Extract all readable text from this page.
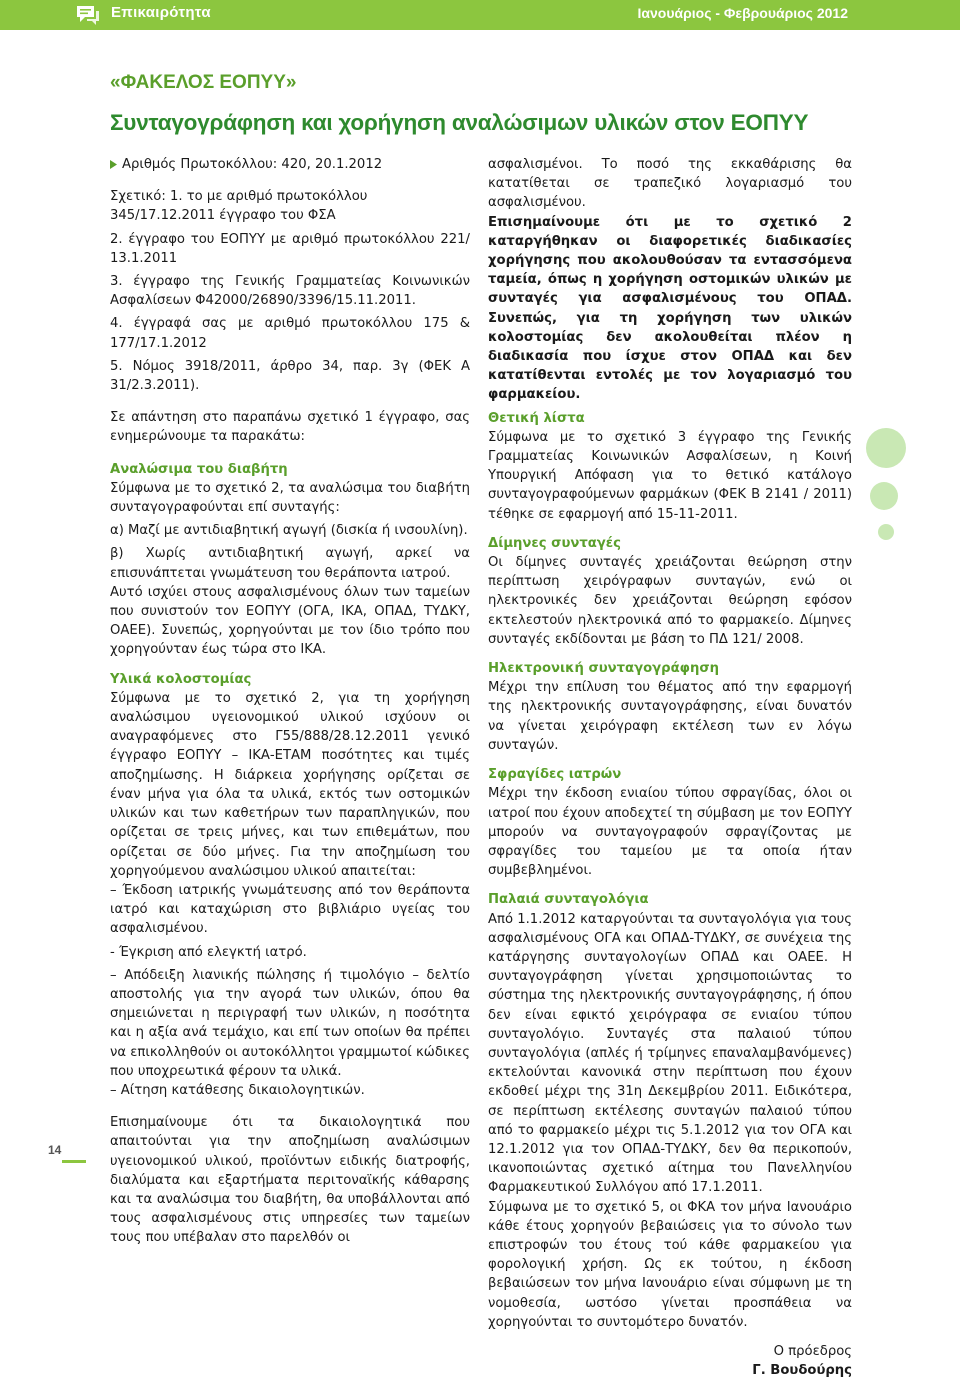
Επικαιρότητα	Ιανουάριος - Φεβρουάριος 2012
«ΦΑΚΕΛΟΣ ΕΟΠΥΥ»
Συνταγογράφηση και χορήγηση αναλώσιμων υλικών στον ΕΟΠΥΥ

Αριθμός Πρωτοκόλλου: 420, 20.1.2012

Σχετικό: 1. το με αριθμό πρωτοκόλλου 345/17.12.2011 έγγραφο του ΦΣΑ

2. έγγραφο του ΕΟΠΥΥ με αριθμό πρωτοκόλλου 221/ 13.1.2011

3. έγγραφο της Γενικής Γραμματείας Κοινωνικών Ασφαλίσεων Φ42000/26890/3396/15.11.2011.

4. έγγραφά σας με αριθμό πρωτοκόλλου 175 & 177/17.1.2012

5. Νόμος 3918/2011, άρθρο 34, παρ. 3γ (ΦΕΚ Α 31/2.3.2011).

Σε απάντηση στο παραπάνω σχετικό 1 έγγραφο, σας ενημερώνουμε τα παρακάτω:

Αναλώσιμα του διαβήτη

Σύμφωνα με το σχετικό 2, τα αναλώσιμα του διαβήτη συνταγογραφούνται επί συνταγής:

α) Μαζί με αντιδιαβητική αγωγή (δισκία ή ινσουλίνη).

β) Χωρίς αντιδιαβητική αγωγή, αρκεί να επισυνάπτεται γνωμάτευση του θεράποντα ιατρού.

Αυτό ισχύει στους ασφαλισμένους όλων των ταμείων που συνιστούν τον ΕΟΠΥΥ (ΟΓΑ, ΙΚΑ, ΟΠΑΔ, ΤΥΔΚΥ, ΟΑΕΕ). Συνεπώς, χορηγούνται με τον ίδιο τρόπο που χορηγούνταν έως τώρα στο ΙΚΑ.

Υλικά κολοστομίας

Σύμφωνα με το σχετικό 2, για τη χορήγηση αναλώσιμου υγειονομικού υλικού ισχύουν οι αναγραφόμενες στο Γ55/888/28.12.2011 γενικό έγγραφο ΕΟΠΥΥ – ΙΚΑ-ΕΤΑΜ ποσότητες και τιμές αποζημίωσης. Η διάρκεια χορήγησης ορίζεται σε έναν μήνα για όλα τα υλικά, εκτός των οστομικών υλικών και των καθετήρων των παραπληγικών, που ορίζεται σε τρεις μήνες, και των επιθεμάτων, που ορίζεται σε δύο μήνες. Για την αποζημίωση του χορηγούμενου αναλώσιμου υλικού απαιτείται:

– Έκδοση ιατρικής γνωμάτευσης από τον θεράποντα ιατρό και καταχώριση στο βιβλιάριο υγείας του ασφαλισμένου.

- Έγκριση από ελεγκτή ιατρό.

– Απόδειξη λιανικής πώλησης ή τιμολόγιο – δελτίο αποστολής για την αγορά των υλικών, όπου θα σημειώνεται η περιγραφή των υλικών, η ποσότητα και η αξία ανά τεμάχιο, και επί των οποίων θα πρέπει να επικολληθούν οι αυτοκόλλητοι γραμμωτοί κώδικες που υποχρεωτικά φέρουν τα υλικά.

– Αίτηση κατάθεσης δικαιολογητικών.

Επισημαίνουμε ότι τα δικαιολογητικά που απαιτούνται για την αποζημίωση αναλώσιμων υγειονομικού υλικού, προϊόντων ειδικής διατροφής, διαλύματα και εξαρτήματα περιτοναϊκής κάθαρσης και τα αναλώσιμα του διαβήτη, θα υποβάλλονται από τους ασφαλισμένους στις υπηρεσίες των ταμείων τους που υπέβαλαν στο παρελθόν οι

ασφαλισμένοι. Το ποσό της εκκαθάρισης θα κατατίθεται σε τραπεζικό λογαριασμό του ασφαλισμένου.

Επισημαίνουμε ότι με το σχετικό 2 καταργήθηκαν οι διαφορετικές διαδικασίες χορήγησης που ακολουθούσαν τα εντασσόμενα ταμεία, όπως η χορήγηση οστομικών υλικών με συνταγές για ασφαλισμένους του ΟΠΑΔ. Συνεπώς, για τη χορήγηση των υλικών κολοστομίας δεν ακολουθείται πλέον η διαδικασία που ίσχυε στον ΟΠΑΔ και δεν κατατίθενται εντολές με τον λογαριασμό του φαρμακείου.

Θετική λίστα

Σύμφωνα με το σχετικό 3 έγγραφο της Γενικής Γραμματείας Κοινωνικών Ασφαλίσεων, η Κοινή Υπουργική Απόφαση για το θετικό κατάλογο συνταγογραφούμενων φαρμάκων (ΦΕΚ Β 2141 / 2011) τέθηκε σε εφαρμογή από 15-11-2011.

Δίμηνες συνταγές

Οι δίμηνες συνταγές χρειάζονται θεώρηση στην περίπτωση χειρόγραφων συνταγών, ενώ οι ηλεκτρονικές δεν χρειάζονται θεώρηση εφόσον εκτελεστούν ηλεκτρονικά από το φαρμακείο. Δίμηνες συνταγές εκδίδονται με βάση το ΠΔ 121/ 2008.

Ηλεκτρονική συνταγογράφηση

Μέχρι την επίλυση του θέματος από την εφαρμογή της ηλεκτρονικής συνταγογράφησης, είναι δυνατόν να γίνεται χειρόγραφη εκτέλεση των εν λόγω συνταγών.

Σφραγίδες ιατρών

Μέχρι την έκδοση ενιαίου τύπου σφραγίδας, όλοι οι ιατροί που έχουν αποδεχτεί τη σύμβαση με τον ΕΟΠΥΥ μπορούν να συνταγογραφούν σφραγίζοντας με σφραγίδες του ταμείου με τα οποία ήταν συμβεβλημένοι.

Παλαιά συνταγολόγια

Από 1.1.2012 καταργούνται τα συνταγολόγια για τους ασφαλισμένους ΟΓΑ και ΟΠΑΔ-ΤΥΔΚΥ, σε συνέχεια της κατάργησης συνταγολογίων ΟΠΑΔ και ΟΑΕΕ. Η συνταγογράφηση γίνεται χρησιμοποιώντας το σύστημα της ηλεκτρονικής συνταγογράφησης, ή όπου δεν είναι εφικτό χειρόγραφα σε ενιαίου τύπου συνταγολόγιο. Συνταγές στα παλαιού τύπου συνταγολόγια (απλές ή τρίμηνες επαναλαμβανόμενες) εκτελούνται κανονικά στην περίπτωση που έχουν εκδοθεί μέχρι της 31η Δεκεμβρίου 2011. Ειδικότερα, σε περίπτωση εκτέλεσης συνταγών παλαιού τύπου από το φαρμακείο μέχρι τις 5.1.2012 για τον ΟΓΑ και 12.1.2012 για τον ΟΠΑΔ-ΤΥΔΚΥ, δεν θα περικοπούν, ικανοποιώντας σχετικό αίτημα του Πανελληνίου Φαρμακευτικού Συλλόγου από 17.1.2011.

Σύμφωνα με το σχετικό 5, οι ΦΚΑ τον μήνα Ιανουάριο κάθε έτους χορηγούν βεβαιώσεις για το σύνολο των επιστροφών του έτους τού κάθε φαρμακείου για φορολογική χρήση. Ως εκ τούτου, η έκδοση βεβαιώσεων τον μήνα Ιανουάριο είναι σύμφωνη με τη νομοθεσία, ωστόσο γίνεται προσπάθεια να χορηγούνται το συντομότερο δυνατόν.

Ο πρόεδρος

Γ. Βουδούρης

14
